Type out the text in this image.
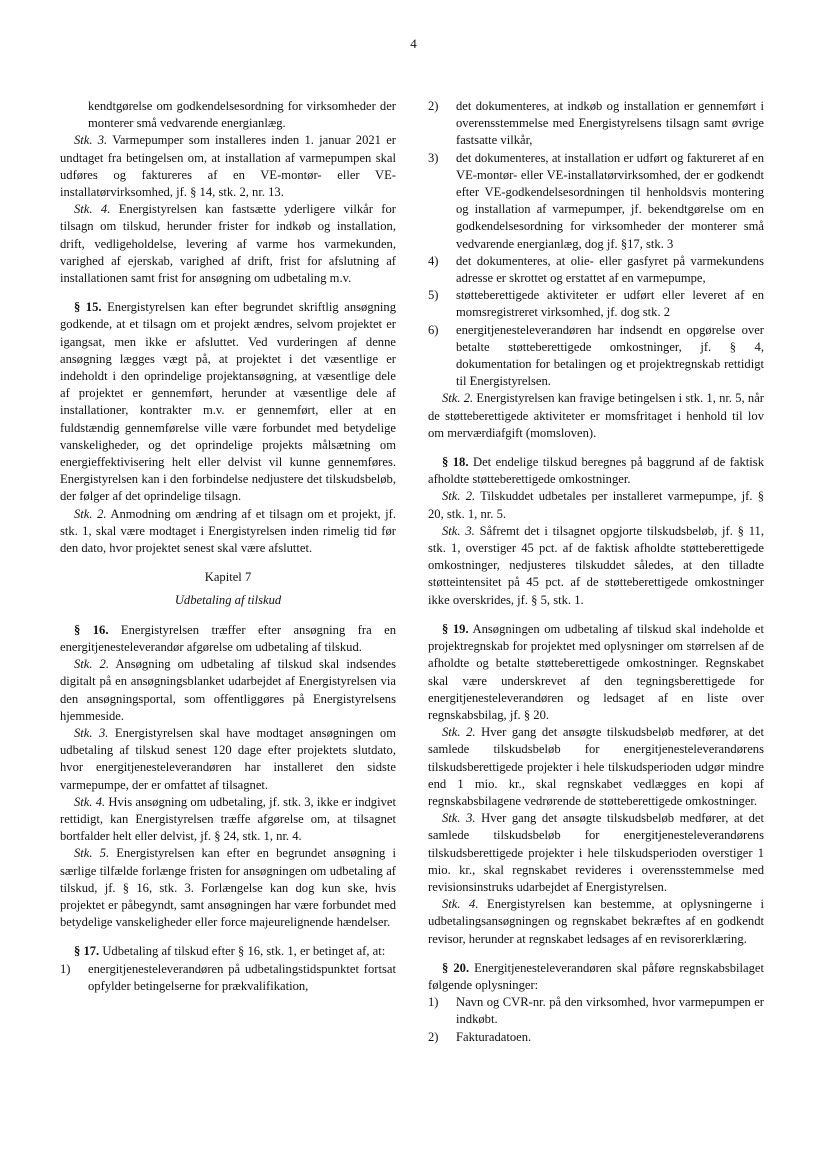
4

kendtgørelse om godkendelsesordning for virksomheder der monterer små vedvarende energianlæg.

Stk. 3. Varmepumper som installeres inden 1. januar 2021 er undtaget fra betingelsen om, at installation af varmepumpen skal udføres og faktureres af en VE-montør- eller VE-installatørvirksomhed, jf. § 14, stk. 2, nr. 13.

Stk. 4. Energistyrelsen kan fastsætte yderligere vilkår for tilsagn om tilskud, herunder frister for indkøb og installation, drift, vedligeholdelse, levering af varme hos varmekunden, varighed af ejerskab, varighed af drift, frist for afslutning af installationen samt frist for ansøgning om udbetaling m.v.

§ 15. Energistyrelsen kan efter begrundet skriftlig ansøgning godkende, at et tilsagn om et projekt ændres, selvom projektet er igangsat, men ikke er afsluttet. Ved vurderingen af denne ansøgning lægges vægt på, at projektet i det væsentlige er indeholdt i den oprindelige projektansøgning, at væsentlige dele af projektet er gennemført, herunder at væsentlige dele af installationer, kontrakter m.v. er gennemført, eller at en fuldstændig gennemførelse ville være forbundet med betydelige vanskeligheder, og det oprindelige projekts målsætning om energieffektivisering helt eller delvist vil kunne gennemføres. Energistyrelsen kan i den forbindelse nedjustere det tilskudsbeløb, der følger af det oprindelige tilsagn.

Stk. 2. Anmodning om ændring af et tilsagn om et projekt, jf. stk. 1, skal være modtaget i Energistyrelsen inden rimelig tid før den dato, hvor projektet senest skal være afsluttet.

Kapitel 7

Udbetaling af tilskud

§ 16. Energistyrelsen træffer efter ansøgning fra en energitjenesteleverandør afgørelse om udbetaling af tilskud.

Stk. 2. Ansøgning om udbetaling af tilskud skal indsendes digitalt på en ansøgningsblanket udarbejdet af Energistyrelsen via den ansøgningsportal, som offentliggøres på Energistyrelsens hjemmeside.

Stk. 3. Energistyrelsen skal have modtaget ansøgningen om udbetaling af tilskud senest 120 dage efter projektets slutdato, hvor energitjenesteleverandøren har installeret den sidste varmepumpe, der er omfattet af tilsagnet.

Stk. 4. Hvis ansøgning om udbetaling, jf. stk. 3, ikke er indgivet rettidigt, kan Energistyrelsen træffe afgørelse om, at tilsagnet bortfalder helt eller delvist, jf. § 24, stk. 1, nr. 4.

Stk. 5. Energistyrelsen kan efter en begrundet ansøgning i særlige tilfælde forlænge fristen for ansøgningen om udbetaling af tilskud, jf. § 16, stk. 3. Forlængelse kan dog kun ske, hvis projektet er påbegyndt, samt ansøgningen har være forbundet med betydelige vanskeligheder eller force majeurelignende hændelser.

§ 17. Udbetaling af tilskud efter § 16, stk. 1, er betinget af, at:

1)	energitjenesteleverandøren på udbetalingstidspunktet fortsat opfylder betingelserne for prækvalifikation,
2)	det dokumenteres, at indkøb og installation er gennemført i overensstemmelse med Energistyrelsens tilsagn samt øvrige fastsatte vilkår,
3)	det dokumenteres, at installation er udført og faktureret af en VE-montør- eller VE-installatørvirksomhed, der er godkendt efter VE-godkendelsesordningen til henholdsvis montering og installation af varmepumper, jf. bekendtgørelse om en godkendelsesordning for virksomheder der monterer små vedvarende energianlæg, dog jf. §17, stk. 3
4)	det dokumenteres, at olie- eller gasfyret på varmekundens adresse er skrottet og erstattet af en varmepumpe,
5)	støtteberettigede aktiviteter er udført eller leveret af en momsregistreret virksomhed, jf. dog stk. 2
6)	energitjenesteleverandøren har indsendt en opgørelse over betalte støtteberettigede omkostninger, jf. § 4, dokumentation for betalingen og et projektregnskab rettidigt til Energistyrelsen.

Stk. 2. Energistyrelsen kan fravige betingelsen i stk. 1, nr. 5, når de støtteberettigede aktiviteter er momsfritaget i henhold til lov om merværdiafgift (momsloven).

§ 18. Det endelige tilskud beregnes på baggrund af de faktisk afholdte støtteberettigede omkostninger.

Stk. 2. Tilskuddet udbetales per installeret varmepumpe, jf. § 20, stk. 1, nr. 5.

Stk. 3. Såfremt det i tilsagnet opgjorte tilskudsbeløb, jf. § 11, stk. 1, overstiger 45 pct. af de faktisk afholdte støtteberettigede omkostninger, nedjusteres tilskuddet således, at den tilladte støtteintensitet på 45 pct. af de støtteberettigede omkostninger ikke overskrides, jf. § 5, stk. 1.

§ 19. Ansøgningen om udbetaling af tilskud skal indeholde et projektregnskab for projektet med oplysninger om størrelsen af de afholdte og betalte støtteberettigede omkostninger. Regnskabet skal være underskrevet af den tegningsberettigede for energitjenesteleverandøren og ledsaget af en liste over regnskabsbilag, jf. § 20.

Stk. 2. Hver gang det ansøgte tilskudsbeløb medfører, at det samlede tilskudsbeløb for energitjenesteleverandørens tilskudsberettigede projekter i hele tilskudsperioden udgør mindre end 1 mio. kr., skal regnskabet vedlægges en kopi af regnskabsbilagene vedrørende de støtteberettigede omkostninger.

Stk. 3. Hver gang det ansøgte tilskudsbeløb medfører, at det samlede tilskudsbeløb for energitjenesteleverandørens tilskudsberettigede projekter i hele tilskudsperioden overstiger 1 mio. kr., skal regnskabet revideres i overensstemmelse med revisionsinstruks udarbejdet af Energistyrelsen.

Stk. 4. Energistyrelsen kan bestemme, at oplysningerne i udbetalingsansøgningen og regnskabet bekræftes af en godkendt revisor, herunder at regnskabet ledsages af en revisorerklæring.

§ 20. Energitjenesteleverandøren skal påføre regnskabsbilaget følgende oplysninger:

1)	Navn og CVR-nr. på den virksomhed, hvor varmepumpen er indkøbt.
2)	Fakturadatoen.
